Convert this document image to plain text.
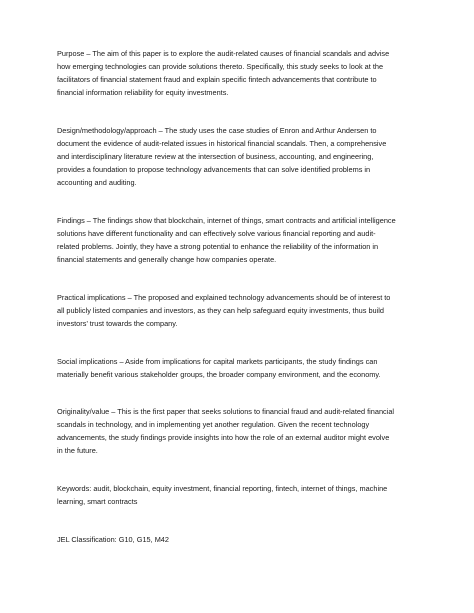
Purpose – The aim of this paper is to explore the audit-related causes of financial scandals and advise
how emerging technologies can provide solutions thereto. Specifically, this study seeks to look at the
facilitators of financial statement fraud and explain specific fintech advancements that contribute to
financial information reliability for equity investments.
Design/methodology/approach – The study uses the case studies of Enron and Arthur Andersen to
document the evidence of audit-related issues in historical financial scandals. Then, a comprehensive
and interdisciplinary literature review at the intersection of business, accounting, and engineering,
provides a foundation to propose technology advancements that can solve identified problems in
accounting and auditing.
Findings – The findings show that blockchain, internet of things, smart contracts and artificial intelligence
solutions have different functionality and can effectively solve various financial reporting and audit-
related problems. Jointly, they have a strong potential to enhance the reliability of the information in
financial statements and generally change how companies operate.
Practical implications – The proposed and explained technology advancements should be of interest to
all publicly listed companies and investors, as they can help safeguard equity investments, thus build
investors’ trust towards the company.
Social implications – Aside from implications for capital markets participants, the study findings can
materially benefit various stakeholder groups, the broader company environment, and the economy.
Originality/value – This is the first paper that seeks solutions to financial fraud and audit-related financial
scandals in technology, and in implementing yet another regulation. Given the recent technology
advancements, the study findings provide insights into how the role of an external auditor might evolve
in the future.
Keywords: audit, blockchain, equity investment, financial reporting, fintech, internet of things, machine
learning, smart contracts
JEL Classification: G10, G15, M42
